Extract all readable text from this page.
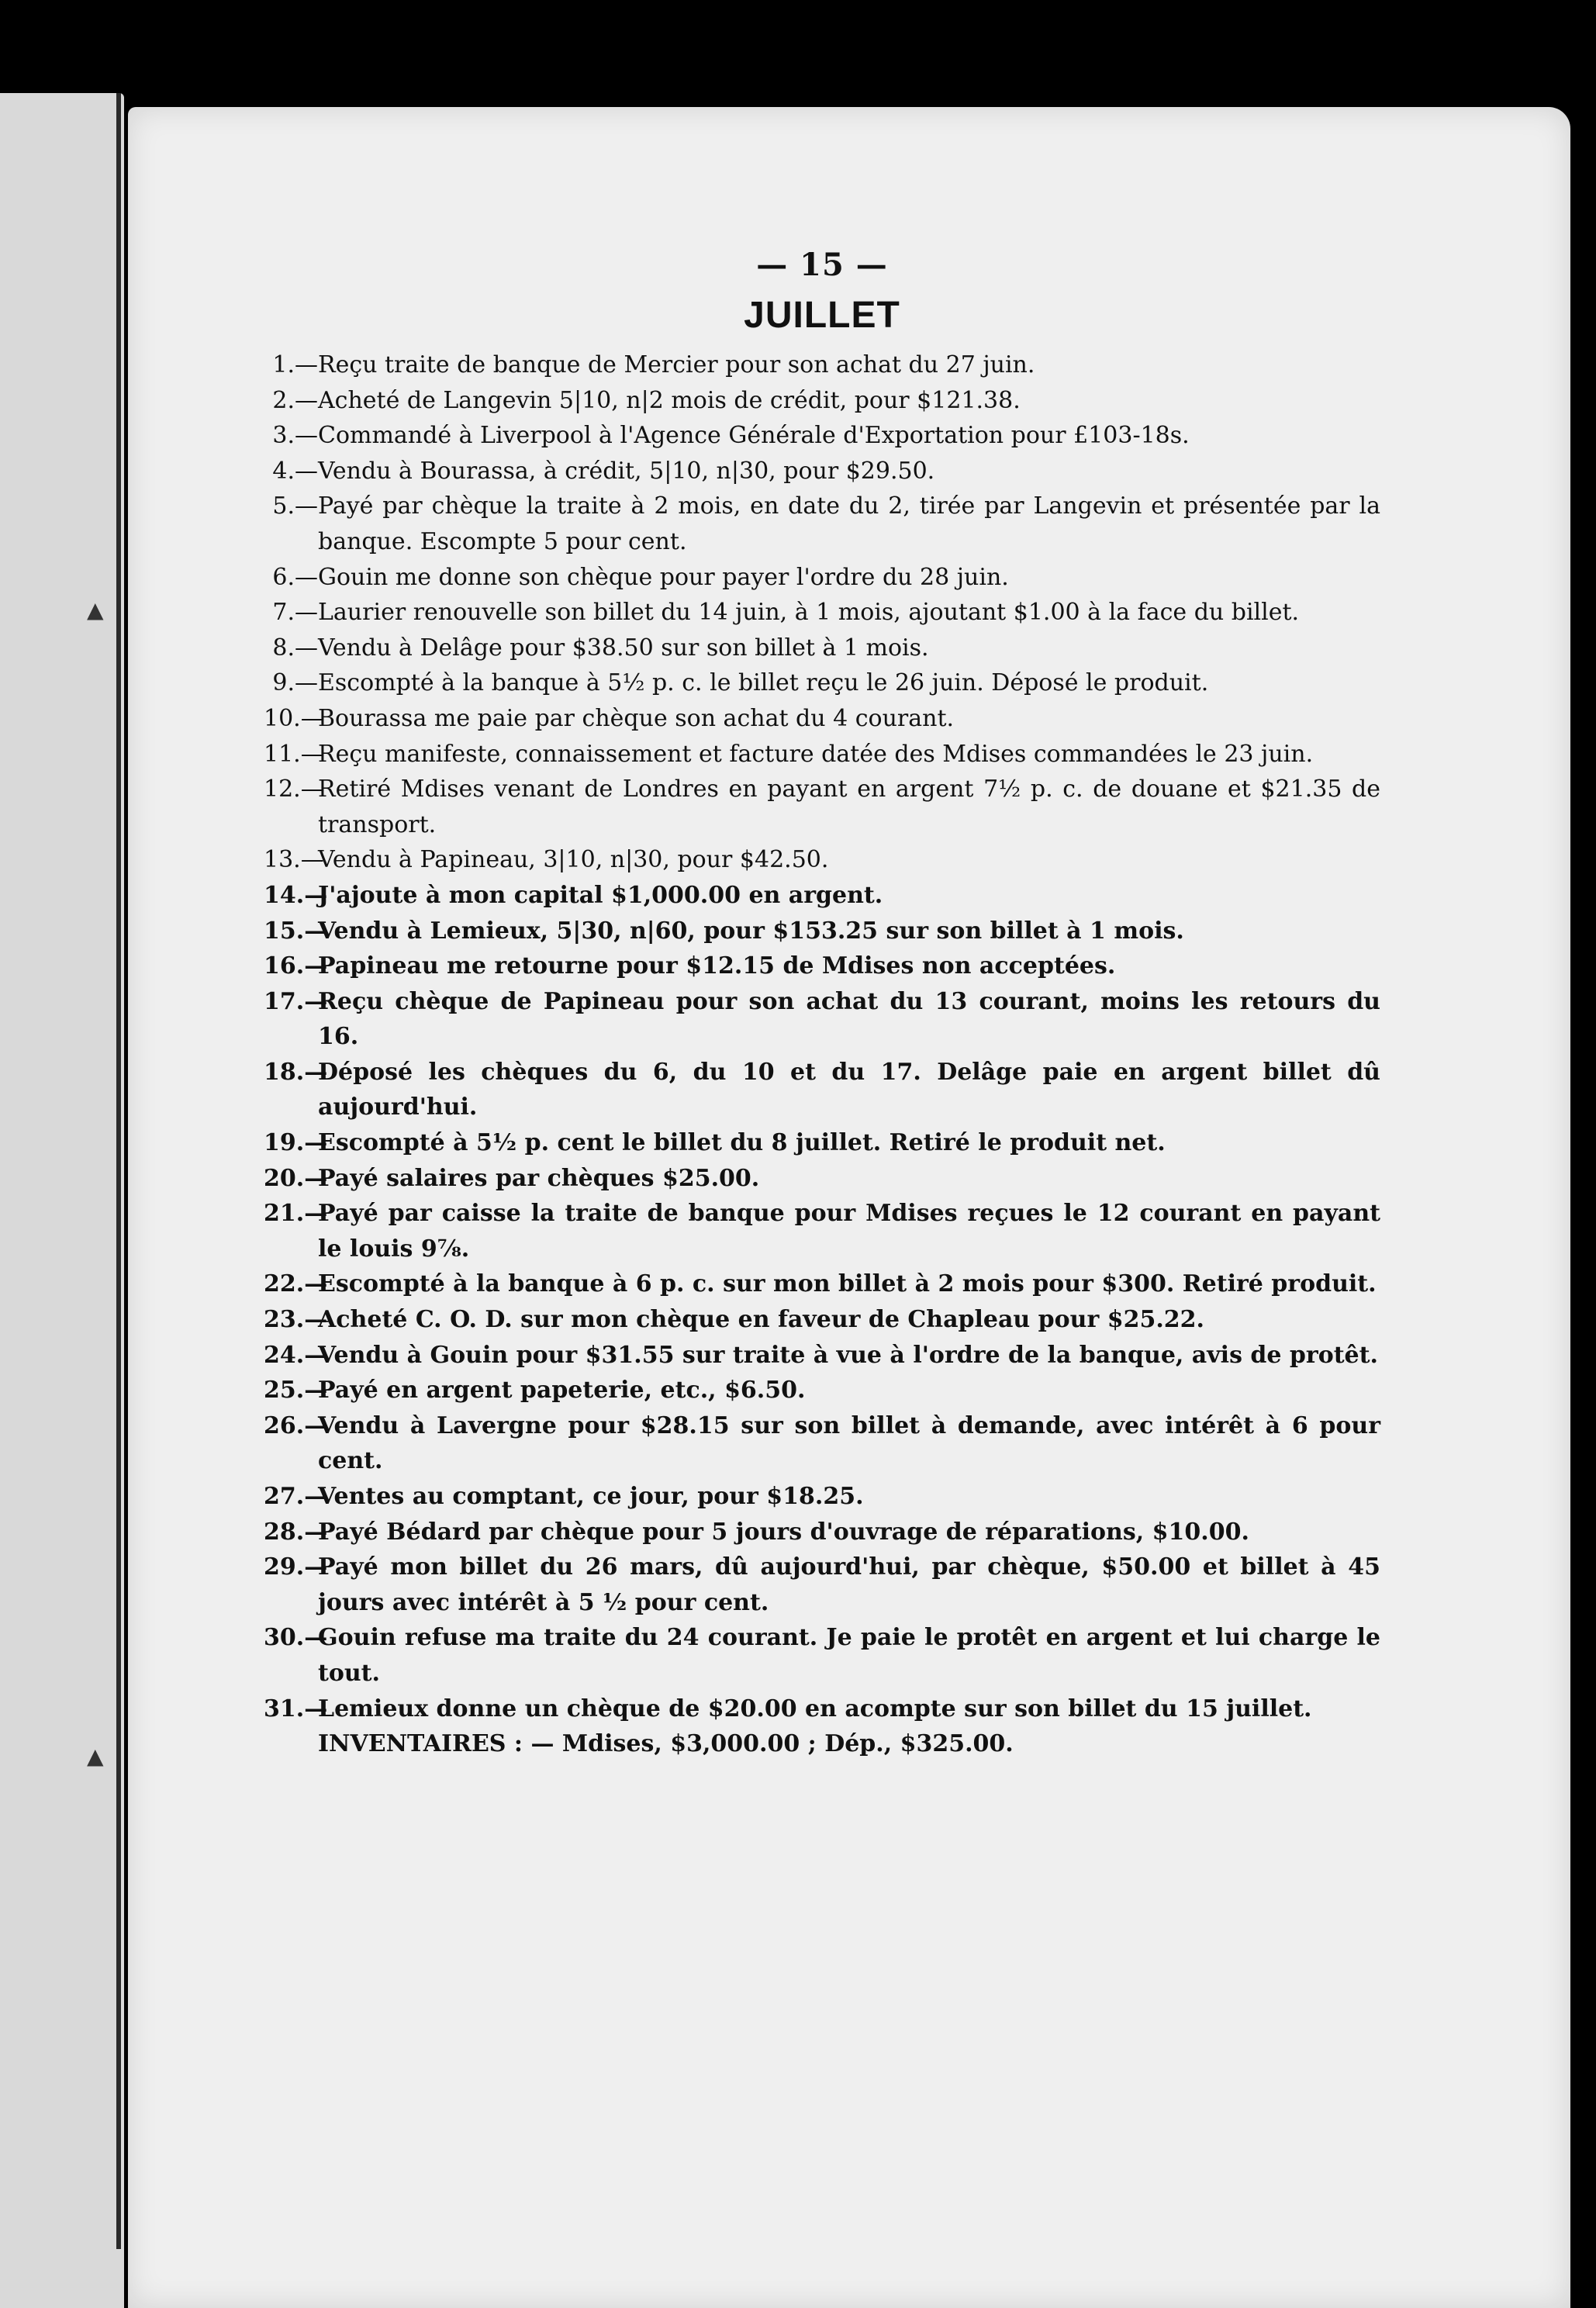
▲
▲
— 15 —
JUILLET
1.— Reçu traite de banque de Mercier pour son achat du 27 juin.
2.— Acheté de Langevin 5|10, n|2 mois de crédit, pour $121.38.
3.— Commandé à Liverpool à l'Agence Générale d'Exportation pour £103-18s.
4.— Vendu à Bourassa, à crédit, 5|10, n|30, pour $29.50.
5.— Payé par chèque la traite à 2 mois, en date du 2, tirée par Langevin et présentée par la banque. Escompte 5 pour cent.
6.— Gouin me donne son chèque pour payer l'ordre du 28 juin.
7.— Laurier renouvelle son billet du 14 juin, à 1 mois, ajoutant $1.00 à la face du billet.
8.— Vendu à Delâge pour $38.50 sur son billet à 1 mois.
9.— Escompté à la banque à 5½ p. c. le billet reçu le 26 juin. Déposé le produit.
10.—
Bourassa me paie par chèque son achat du 4 courant.
11.—
Reçu manifeste, connaissement et facture datée des Mdises commandées le 23 juin.
12.—
Retiré Mdises venant de Londres en payant en argent 7½ p. c. de douane et $21.35 de transport.
13.—
Vendu à Papineau, 3|10, n|30, pour $42.50.
14.—
J'ajoute à mon capital $1,000.00 en argent.
15.—
Vendu à Lemieux, 5|30, n|60, pour $153.25 sur son billet à 1 mois.
16.—
Papineau me retourne pour $12.15 de Mdises non acceptées.
17.—
Reçu chèque de Papineau pour son achat du 13 courant, moins les retours du 16.
18.—
Déposé les chèques du 6, du 10 et du 17. Delâge paie en argent billet dû aujourd'hui.
19.—
Escompté à 5½ p. cent le billet du 8 juillet. Retiré le produit net.
20.—
Payé salaires par chèques $25.00.
21.—
Payé par caisse la traite de banque pour Mdises reçues le 12 courant en payant le louis 9⅞.
22.—
Escompté à la banque à 6 p. c. sur mon billet à 2 mois pour $300. Retiré produit.
23.—
Acheté C. O. D. sur mon chèque en faveur de Chapleau pour $25.22.
24.—
Vendu à Gouin pour $31.55 sur traite à vue à l'ordre de la banque, avis de protêt.
25.—
Payé en argent papeterie, etc., $6.50.
26.—
Vendu à Lavergne pour $28.15 sur son billet à demande, avec intérêt à 6 pour cent.
27.—
Ventes au comptant, ce jour, pour $18.25.
28.—
Payé Bédard par chèque pour 5 jours d'ouvrage de réparations, $10.00.
29.—
Payé mon billet du 26 mars, dû aujourd'hui, par chèque, $50.00 et billet à 45 jours avec intérêt à 5 ½ pour cent.
30.—
Gouin refuse ma traite du 24 courant. Je paie le protêt en argent et lui charge le tout.
31.—
Lemieux donne un chèque de $20.00 en acompte sur son billet du 15 juillet.
INVENTAIRES : — Mdises, $3,000.00 ; Dép., $325.00.
